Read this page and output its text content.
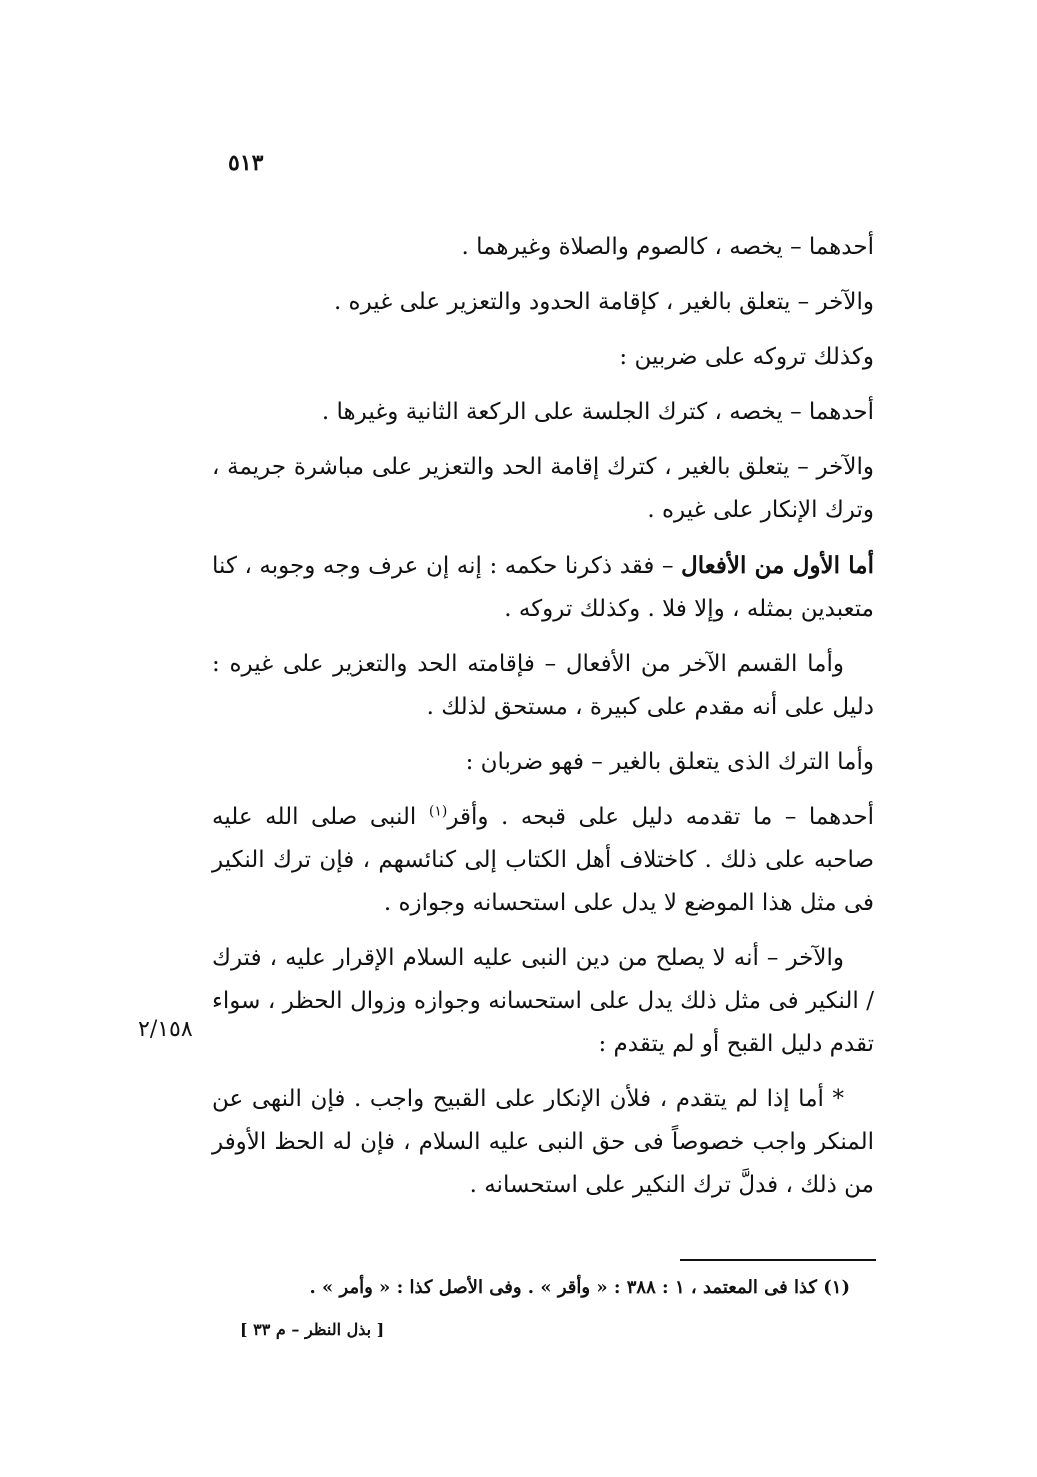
٥١٣

أحدهما – يخصه ، كالصوم والصلاة وغيرهما .

والآخر – يتعلق بالغير ، كإقامة الحدود والتعزير على غيره .

وكذلك تروكه على ضربين :

أحدهما – يخصه ، كترك الجلسة على الركعة الثانية وغيرها .

والآخر – يتعلق بالغير ، كترك إقامة الحد والتعزير على مباشرة جريمة ، وترك الإنكار على غيره .

أما الأول من الأفعال – فقد ذكرنا حكمه : إنه إن عرف وجه وجوبه ، كنا متعبدين بمثله ، وإلا فلا . وكذلك تروكه .

وأما القسم الآخر من الأفعال – فإقامته الحد والتعزير على غيره : دليل على أنه مقدم على كبيرة ، مستحق لذلك .

وأما الترك الذى يتعلق بالغير – فهو ضربان :

أحدهما – ما تقدمه دليل على قبحه . وأقر$^{(١)}$ النبى صلى الله عليه صاحبه على ذلك . كاختلاف أهل الكتاب إلى كنائسهم ، فإن ترك النكير فى مثل هذا الموضع لا يدل على استحسانه وجوازه .

والآخر – أنه لا يصلح من دين النبى عليه السلام الإقرار عليه ، فترك / النكير فى مثل ذلك يدل على استحسانه وجوازه وزوال الحظر ، سواء تقدم دليل القبح أو لم يتقدم :

* أما إذا لم يتقدم ، فلأن الإنكار على القبيح واجب . فإن النهى عن المنكر واجب خصوصاً فى حق النبى عليه السلام ، فإن له الحظ الأوفر من ذلك ، فدلَّ ترك النكير على استحسانه .

٢/١٥٨
(١) كذا فى المعتمد ، ١ : ٣٨٨ : « وأقر » . وفى الأصل كذا : « وأمر » .
[ بذل النظر – م ٣٣ ]
